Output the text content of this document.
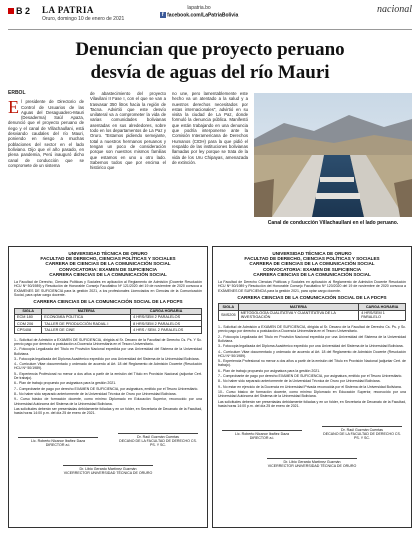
B 2 LA PATRIA
Oruro, domingo 10 de enero de 2021
lapatria.bo
f facebook.com/LaPatriaBolivia
nacional
Denuncian que proyecto peruano
desvía de aguas del río Mauri
ERBOL
E l presidente de Directorio de Control de Usuarios de las Aguas del Desaguadero-Mauri (Desaderma) Saúl Apaza, denunció que el proyecto peruano de riego y el canal de Villachaullani, está desviando caudales del río Mauri, poniendo en riesgo a muchas poblaciones del sector en el lado boliviano. Dijo que el año pasado, en plena pandemia, Perú inauguró dicho canal de conducción que se compromete de un sistema
de abastecimiento del proyecto Vilavilani II Fase I, con el que se van a trasvasar 350 litros hacia la región de Tacna. Advirtió que este desvío unilateral va a comprometer la vida de varias comunidades bolivianas asentadas en sus alrededores, sobre todo en los departamentos de La Paz y Oruro. "Estamos pidiendo semejante, total a nuestros hermanos peruanos y tengan un poco de consideración porque son nuestros mismos familias que estamos en uno u otro lado. Sabemos todos que por encima el histórico que
no une, pero lamentablemente este hecho va un atentado a la salud y a nuestros derechos necesitados por estas internacionales", advirtió en su visita la ciudad de La Paz, donde formuló la denuncia pública. Manifestó que están trabajando en una denuncia que podría interponerse ante la Comisión Interamericana de Derechos Humanos (CIDH) para la que pidió el respaldo de las instituciones bolivianas llamadas por ley porque se trata de la vida de los Uru Chipayas, amenazada de extinción.
Canal de conducción Villachaullani en el lado peruano.
UNIVERSIDAD TÉCNICA DE ORURO
FACULTAD DE DERECHO, CIENCIAS POLÍTICAS Y SOCIALES
CARRERA DE CIENCIAS DE LA COMUNICACIÓN SOCIAL
CONVOCATORIA: EXAMEN DE SUFICIENCIA
CARRERA CIENCIAS DE LA COMUNICACIÓN SOCIAL
La Facultad de Derecho, Ciencias Políticas y Sociales en aplicación al Reglamento de Admisión (Docente Resolución HCU Nº 50/1989) y Resolución de Honorable Consejo Facultativo Nº 121/2020 del 19 de noviembre de 2020 convoca a EXÁMENES DE SUFICIENCIA para la gestión 2021, a los profesionales Licenciados en Ciencias de la Comunicación Social, para optar cargo docente.
CARRERA CIENCIAS DE LA COMUNICACIÓN SOCIAL DE LA FDCPS
SIGLA	MATERIA	CARGA HORARIA
ECM 180	ECONOMÍA POLÍTICA	4 HRS/SEM 2 PARALELOS
COM 206	TALLER DE PRODUCCIÓN RADIAL I	8 HRS/SEM 2 PARALELOS
CPS408	TALLER DE CINE	4 HRS / SEM. 2 PARALELOS

1.- Solicitud de Admisión a EXAMEN DE SUFICIENCIA, dirigida al Sr. Decano de la Facultad de Derecho Cs. Ps. Y Sc. previo pago por derecho a postulación a Docencia Universitaria en el Tesoro Universitario.

2.- Fotocopia Legalizada del Título en Provisión Nacional expedida por una Universidad del Sistema de la Universidad Boliviana.

3.- Fotocopia legalizada del Diploma Académico expedido por una Universidad del Sistema de la Universidad Boliviana.

4.- Curriculum Vitae documentado y ordenado de acuerdo al Art. 18 del Reglamento de Admisión Docente (Resolución HCU Nº 50/1989).

5.- Experiencia Profesional no menor a dos años a partir de la emisión del Título en Provisión Nacional (adjuntar Cert. De trabajo).

6.- Plan de trabajo propuesto por asignatura para la gestión 2021.

7.- Comprobante de pago por derecho EXAMEN DE SUFICIENCIA, por asignatura, emitido por el Tesoro Universitario.

8.- No haber sido separado anteriormente de la Universidad Técnica de Oruro por Universidad Boliviana.

9.- Curso básico de formación docente, como mínimo Diplomado en Educación Superior, reconocido por una Universidad Autónoma del Sistema de la Universidad Boliviana.

Las solicitudes deberán ser presentadas debidamente foliadas y en un folder, en Secretaría de Decanato de la Facultad, hasta horas 14:00 p.m. del día 25 de enero de 2021.
Lic. Roberto Nicanor Ibañez Daza
DIRECTOR a.i.
Dr. Raúl Guzmán Cuentas
DECANO DE LA FACULTAD DE DERECHO CS. PS. Y SC.
Dr. Libio Gerardo Martínez Guzmán
VICERRECTOR UNIVERSIDAD TÉCNICA DE ORURO
UNIVERSIDAD TÉCNICA DE ORURO
FACULTAD DE DERECHO, CIENCIAS POLÍTICAS Y SOCIALES
CARRERA DE CIENCIAS DE LA COMUNICACIÓN SOCIAL
CONVOCATORIA: EXAMEN DE SUFICIENCIA
CARRERA CIENCIAS DE LA COMUNICACIÓN SOCIAL
La Facultad de Derecho Ciencias Políticas y Sociales en aplicación al Reglamento de Admisión Docente Resolución HCU Nº 50/1989 y Resolución del Honorable Consejo Facultativo Nº 120/2020 del 19 de noviembre de 2020 convoca a EXÁMENES DE SUFICIENCIA para la gestión 2021, para optar cargo docente.
CARRERA CIENCIAS DE LA COMUNICACIÓN SOCIAL DE LA FDCPS
SIGLA	MATERIA	CARGA HORARIA
SMS205	METODOLOGÍA CUALITATIVA Y CUANTITATIVA DE LA INVESTIGACIÓN	4 HRS/SEM 1 PARALELO

1.- Solicitud de Admisión a EXAMEN DE SUFICIENCIA, dirigida al Sr. Decano de la Facultad de Derecho Cs. Ps. y Sc. previo pago por derecho a postulación a Docencia Universitaria en el Tesoro Universitario.

2.- Fotocopia Legalizada del Título en Provisión Nacional expedida por una Universidad del Sistema de la Universidad Boliviana.

3.- Fotocopia legalizada del Diploma Académico expedido por una Universidad del Sistema de la Universidad Boliviana.

4.- Curriculum Vitae documentado y ordenado de acuerdo al Art. 18 del Reglamento de Admisión Docente (Resolución HCU Nº 50/1989).

5.- Experiencia Profesional no menor a dos años a partir de la emisión del Título en Provisión Nacional (adjuntar Cert. de trabajo).

6.- Plan de trabajo propuesto por asignatura para la gestión 2021.

7.- Comprobante de pago por derecho EXAMEN DE SUFICIENCIA, por asignatura, emitido por el Tesoro Universitario.

8.- No haber sido separado anteriormente de la Universidad Técnica de Oruro por Universidad Boliviana.

9.- No estar en ejercicio de la Docencia en Universidad Privada reconocida por el Sistema de la Universidad Boliviana.

10.- Curso básico de formación docente, como mínimo Diplomado en Educación Superior, reconocido por una Universidad Autónoma del Sistema de la Universidad Boliviana.

Las solicitudes deberán ser presentadas debidamente foliadas y en un folder, en Secretaría de Decanato de la Facultad, hasta horas 14:00 p.m. del día 25 de enero de 2021.
Lic. Roberto Nicanor Ibañez Daza
DIRECTOR a.i.
Dr. Raúl Guzmán Cuentas
DECANO DE LA FACULTAD DE DERECHO CS. PS. Y SC.
Dr. Libio Gerardo Martínez Guzmán
VICERRECTOR UNIVERSIDAD TÉCNICA DE ORURO
